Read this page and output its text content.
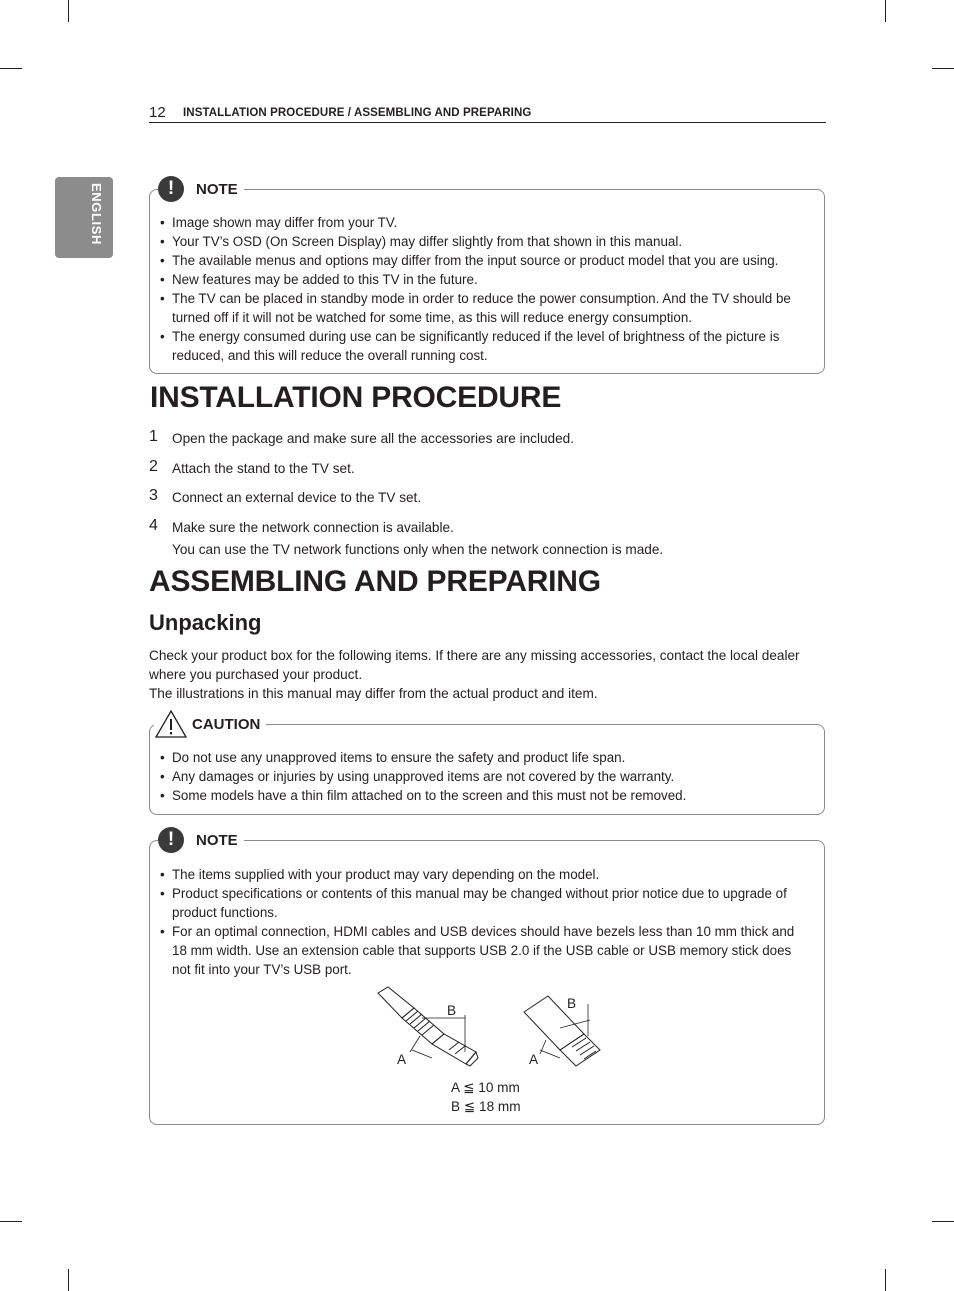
12 INSTALLATION PROCEDURE / ASSEMBLING AND PREPARING
ENGLISH	!	NOTE
• Image shown may differ from your TV.
• Your TV’s OSD (On Screen Display) may differ slightly from that shown in this manual.
• The available menus and options may differ from the input source or product model that you are using.
• New features may be added to this TV in the future.
• The TV can be placed in standby mode in order to reduce the power consumption. And the TV should be turned off if it will not be watched for some time, as this will reduce energy consumption.
• The energy consumed during use can be significantly reduced if the level of brightness of the picture is reduced, and this will reduce the overall running cost.
INSTALLATION PROCEDURE
1 Open the package and make sure all the accessories are included.
2 Attach the stand to the TV set.
3 Connect an external device to the TV set.
4 Make sure the network connection is available.
You can use the TV network functions only when the network connection is made.
ASSEMBLING AND PREPARING
Unpacking

Check your product box for the following items. If there are any missing accessories, contact the local dealer where you purchased your product.

The illustrations in this manual may differ from the actual product and item.

CAUTION
• Do not use any unapproved items to ensure the safety and product life span.
• Any damages or injuries by using unapproved items are not covered by the warranty.
• Some models have a thin film attached on to the screen and this must not be removed.
!	NOTE
• The items supplied with your product may vary depending on the model.
• Product specifications or contents of this manual may be changed without prior notice due to upgrade of product functions.
• For an optimal connection, HDMI cables and USB devices should have bezels less than 10 mm thick and 18 mm width. Use an extension cable that supports USB 2.0 if the USB cable or USB memory stick does not fit into your TV’s USB port.
B
A
B
A
A ≦ 10 mm
B ≦ 18 mm
